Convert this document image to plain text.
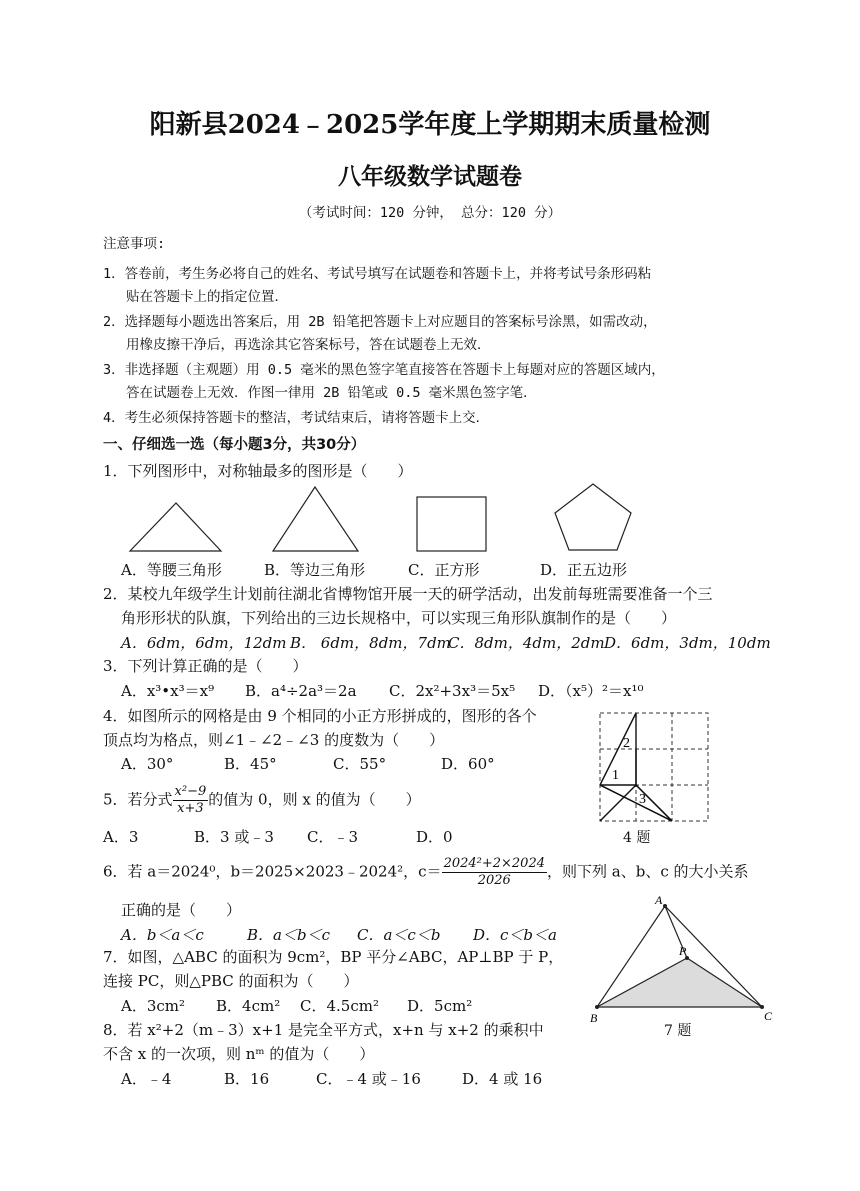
阳新县2024﹣2025学年度上学期期末质量检测
八年级数学试题卷
（考试时间：120 分钟， 总分：120 分）
注意事项:
1．答卷前，考生务必将自己的姓名、考试号填写在试题卷和答题卡上，并将考试号条形码粘
贴在答题卡上的指定位置．
2．选择题每小题选出答案后，用 2B 铅笔把答题卡上对应题目的答案标号涂黑，如需改动，
用橡皮擦干净后，再选涂其它答案标号，答在试题卷上无效．
3．非选择题（主观题）用 0.5 毫米的黑色签字笔直接答在答题卡上每题对应的答题区域内，
答在试题卷上无效．作图一律用 2B 铅笔或 0.5 毫米黑色签字笔．
4．考生必须保持答题卡的整洁，考试结束后，请将答题卡上交．
一、仔细选一选（每小题3分，共30分）
1．下列图形中，对称轴最多的图形是（　　）
A．等腰三角形	B．等边三角形	C．正方形	D．正五边形
2．某校九年级学生计划前往湖北省博物馆开展一天的研学活动，出发前每班需要准备一个三
角形形状的队旗，下列给出的三边长规格中，可以实现三角形队旗制作的是（　　）
A．6dm，6dm，12dm B． 6dm，8dm，7dm
C．8dm，4dm，2dm D．6dm，3dm，10dm
3．下列计算正确的是（　　）
A．x³•x³＝x⁹ B．a⁴÷2a³＝2a C．2x²+3x³＝5x⁵ D．（x⁵）²＝x¹⁰
4．如图所示的网格是由 9 个相同的小正方形拼成的，图形的各个
顶点均为格点，则∠1﹣∠2﹣∠3 的度数为（　　）
A．30°	B．45°	C．55°	D．60°
1
2
3
4 题
5．若分式 $\frac{\text{x²−9}}{x+3}$ 的值为 0，则 x 的值为（　　）
A．3	B．3 或﹣3 C．﹣3	D．0
6．若 a＝2024⁰，b＝2025×2023﹣2024²，$c= \frac{\text{2024²+2×2024}}{2026}$ ，则下列 a、b、c 的大小关系
正确的是（　　）
A．b＜a＜c	B．a＜b＜c C．a＜c＜b D．c＜b＜a
A
P
B	C
7 题
7．如图，△ABC 的面积为 9cm²，BP 平分∠ABC，AP⊥BP 于 P，
连接 PC，则△PBC 的面积为（　　）
A．3cm² B．4cm² C．4.5cm² D．5cm²
8．若 x²+2（m﹣3）x+1 是完全平方式，x+n 与 x+2 的乘积中
不含 x 的一次项，则 nᵐ 的值为（　　）
A．﹣4	B．16	C．﹣4 或﹣16	D．4 或 16
